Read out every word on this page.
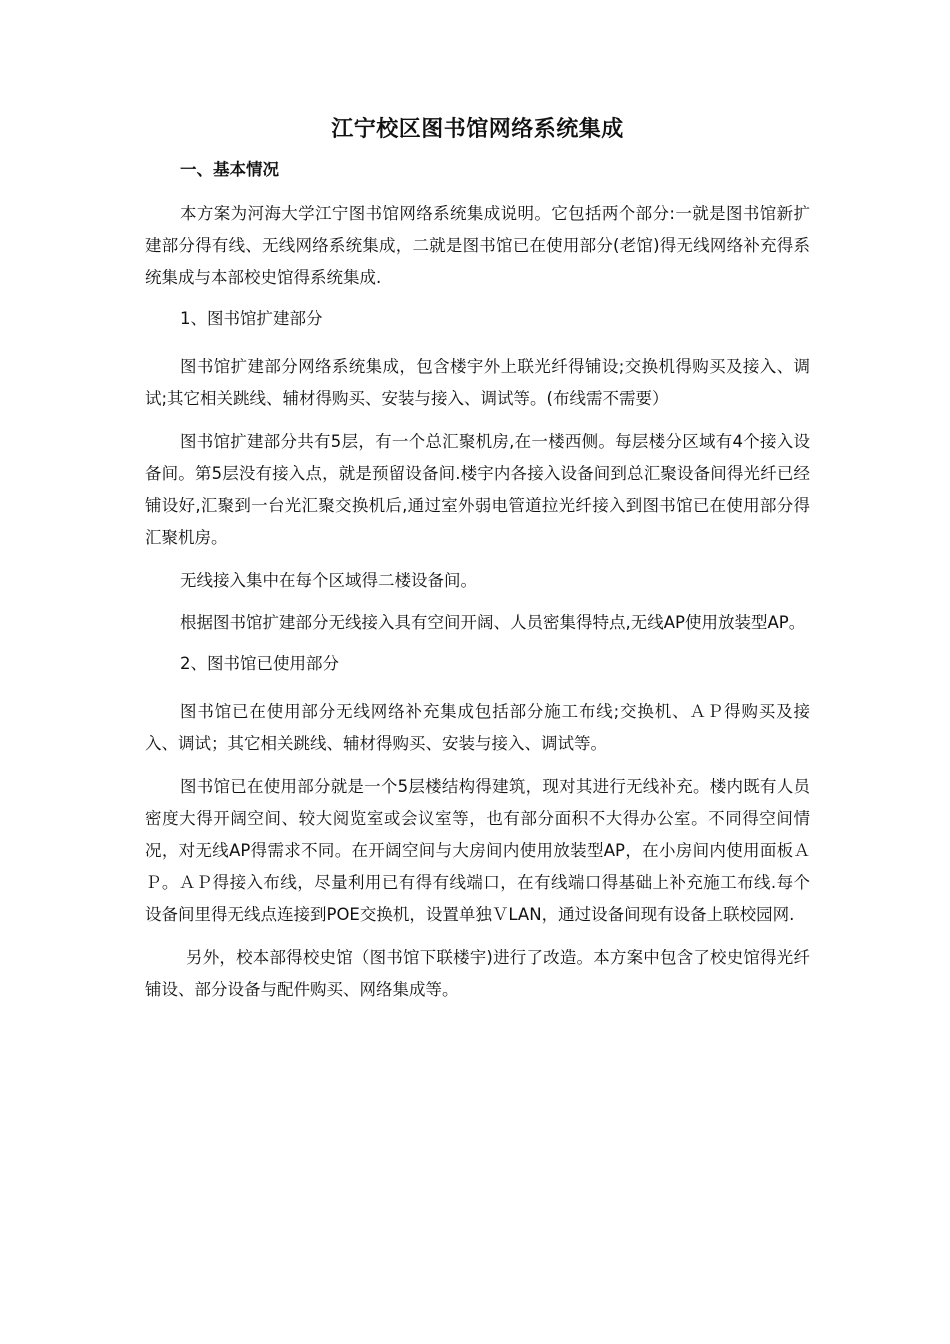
江宁校区图书馆网络系统集成
一、基本情况

本方案为河海大学江宁图书馆网络系统集成说明。它包括两个部分:一就是图书馆新扩建部分得有线、无线网络系统集成，二就是图书馆已在使用部分(老馆)得无线网络补充得系统集成与本部校史馆得系统集成.

1、图书馆扩建部分

图书馆扩建部分网络系统集成，包含楼宇外上联光纤得铺设;交换机得购买及接入、调试;其它相关跳线、辅材得购买、安装与接入、调试等。(布线需不需要）

图书馆扩建部分共有5层，有一个总汇聚机房,在一楼西侧。每层楼分区域有4个接入设备间。第5层没有接入点，就是预留设备间.楼宇内各接入设备间到总汇聚设备间得光纤已经铺设好,汇聚到一台光汇聚交换机后,通过室外弱电管道拉光纤接入到图书馆已在使用部分得汇聚机房。

无线接入集中在每个区域得二楼设备间。

根据图书馆扩建部分无线接入具有空间开阔、人员密集得特点,无线AP使用放装型AP。

2、图书馆已使用部分

图书馆已在使用部分无线网络补充集成包括部分施工布线;交换机、ＡＰ得购买及接入、调试；其它相关跳线、辅材得购买、安装与接入、调试等。

图书馆已在使用部分就是一个5层楼结构得建筑，现对其进行无线补充。楼内既有人员密度大得开阔空间、较大阅览室或会议室等，也有部分面积不大得办公室。不同得空间情况，对无线AP得需求不同。在开阔空间与大房间内使用放装型AP，在小房间内使用面板ＡＰ。ＡＰ得接入布线，尽量利用已有得有线端口，在有线端口得基础上补充施工布线.每个设备间里得无线点连接到POE交换机，设置单独ＶLAN，通过设备间现有设备上联校园网.

另外，校本部得校史馆（图书馆下联楼宇)进行了改造。本方案中包含了校史馆得光纤铺设、部分设备与配件购买、网络集成等。
